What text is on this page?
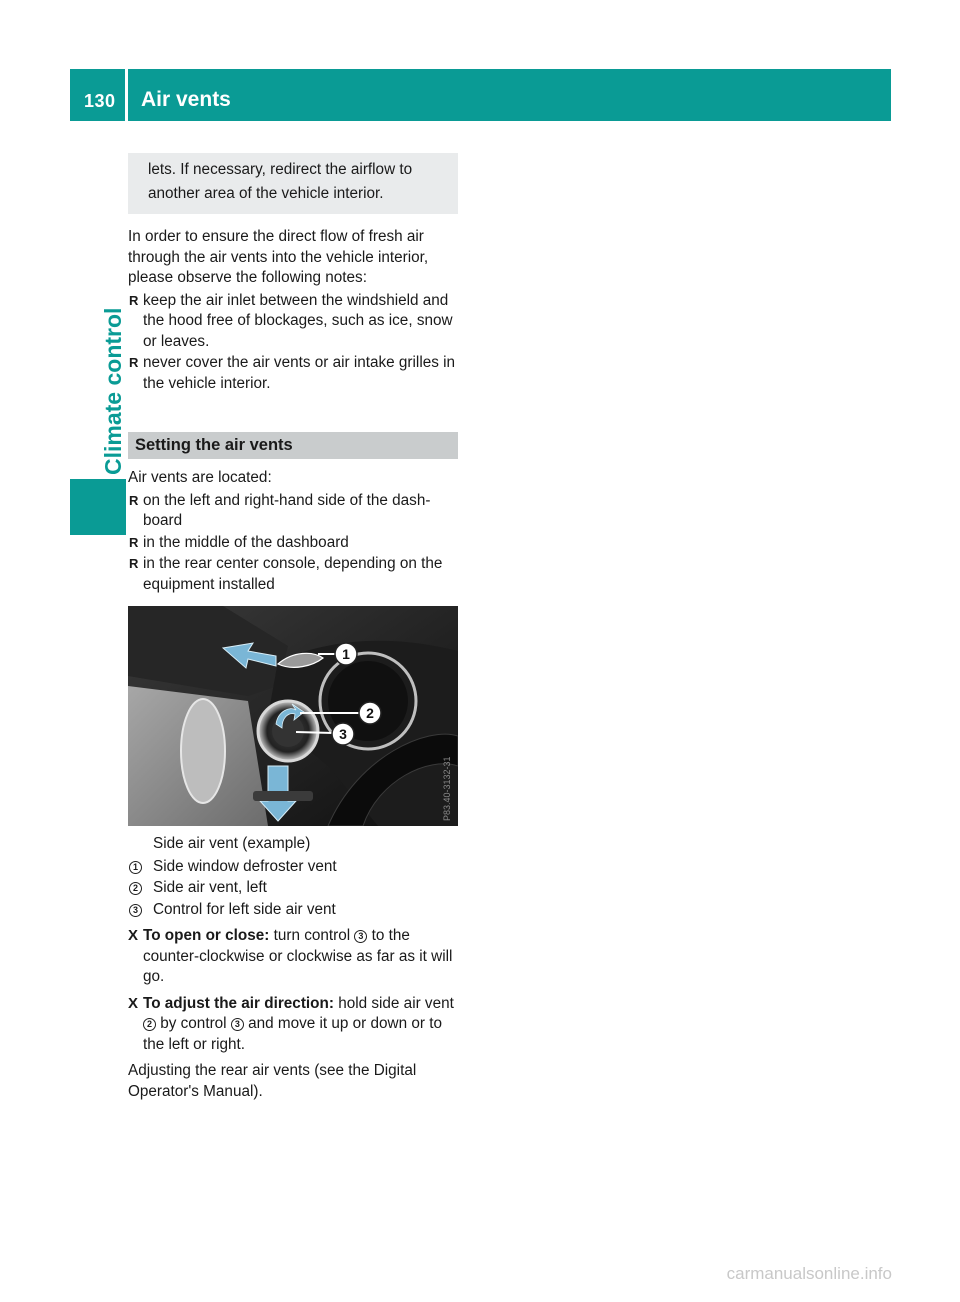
130 Air vents
Climate control

lets. If necessary, redirect the airflow to another area of the vehicle interior.

In order to ensure the direct flow of fresh air through the air vents into the vehicle interior, please observe the following notes:

R keep the air inlet between the windshield and the hood free of blockages, such as ice, snow or leaves.
R never cover the air vents or air intake grilles in the vehicle interior.
Setting the air vents

Air vents are located:

R on the left and right-hand side of the dash-board
R in the middle of the dashboard
R in the rear center console, depending on the equipment installed
1
2
3
P83.40-3132-31

Side air vent (example)

1 Side window defroster vent
2 Side air vent, left
3 Control for left side air vent
X To open or close: turn control 3 to the counter-clockwise or clockwise as far as it will go.
X To adjust the air direction: hold side air vent 2 by control 3 and move it up or down or to the left or right.

Adjusting the rear air vents (see the Digital Operator's Manual).

carmanualsonline.info
